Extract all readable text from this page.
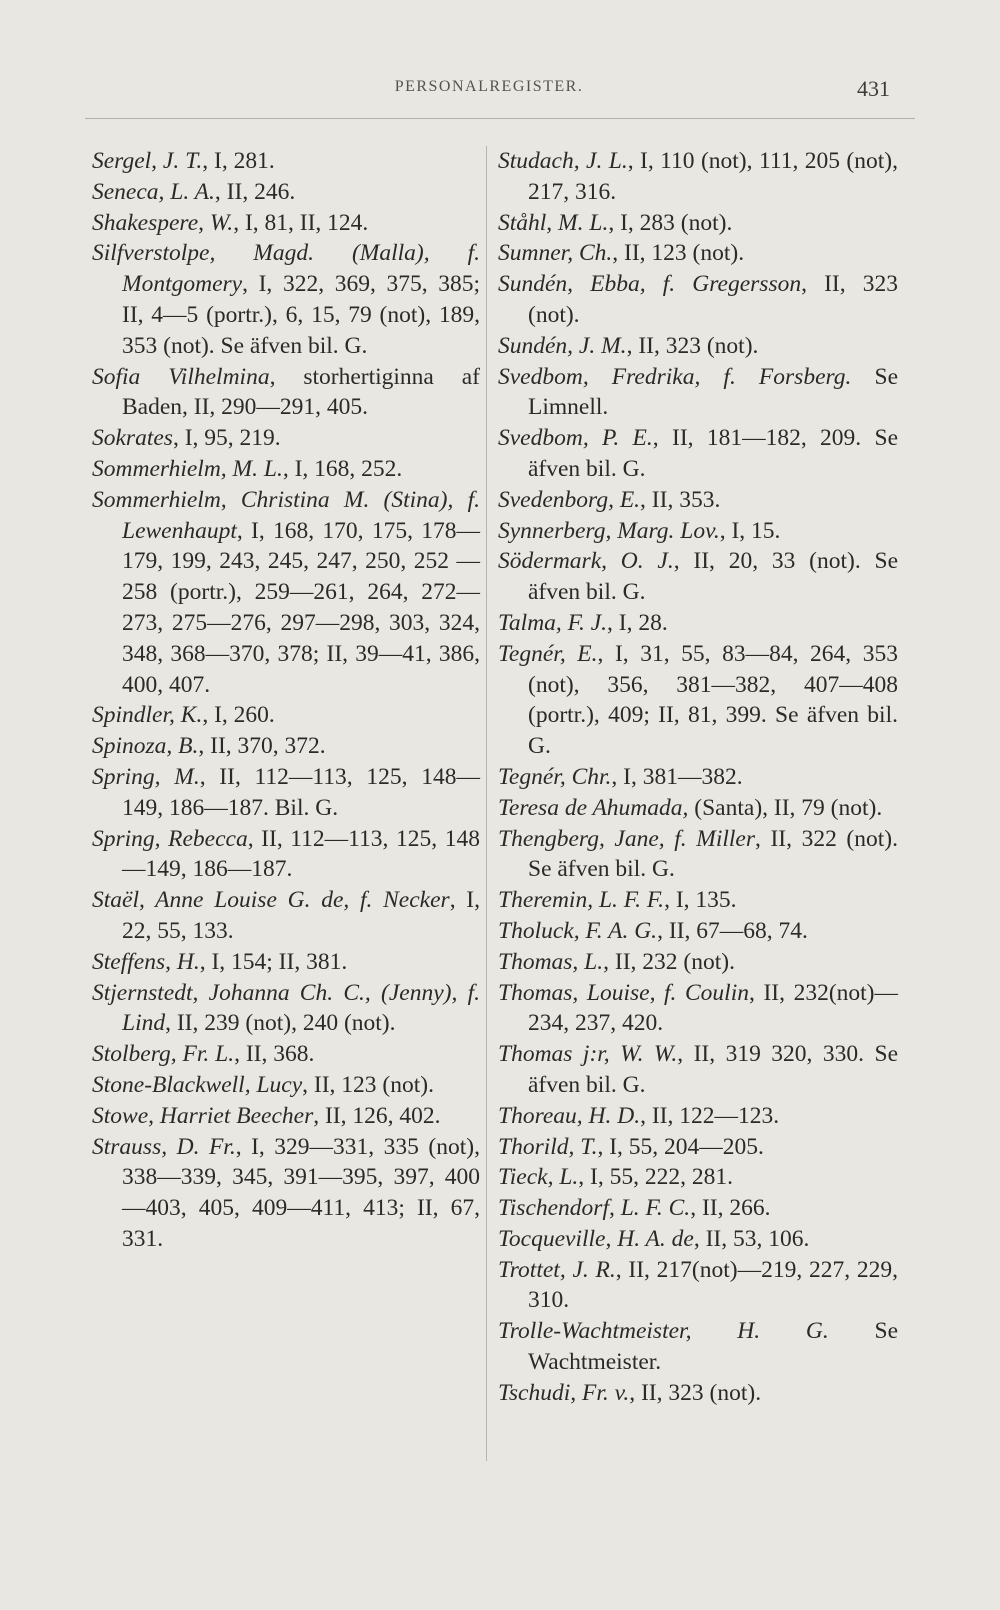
PERSONALREGISTER.	431
Sergel, J. T., I, 281.
Seneca, L. A., II, 246.
Shakespere, W., I, 81, II, 124.
Silfverstolpe, Magd. (Malla), f. Montgomery, I, 322, 369, 375, 385; II, 4—5 (portr.), 6, 15, 79 (not), 189, 353 (not). Se äfven bil. G.
Sofia Vilhelmina, storhertiginna af Baden, II, 290—291, 405.
Sokrates, I, 95, 219.
Sommerhielm, M. L., I, 168, 252.
Sommerhielm, Christina M. (Stina), f. Lewenhaupt, I, 168, 170, 175, 178—179, 199, 243, 245, 247, 250, 252 —258 (portr.), 259—261, 264, 272—273, 275—276, 297—298, 303, 324, 348, 368—370, 378; II, 39—41, 386, 400, 407.
Spindler, K., I, 260.
Spinoza, B., II, 370, 372.
Spring, M., II, 112—113, 125, 148—149, 186—187. Bil. G.
Spring, Rebecca, II, 112—113, 125, 148—149, 186—187.
Staël, Anne Louise G. de, f. Necker, I, 22, 55, 133.
Steffens, H., I, 154; II, 381.
Stjernstedt, Johanna Ch. C., (Jenny), f. Lind, II, 239 (not), 240 (not).
Stolberg, Fr. L., II, 368.
Stone-Blackwell, Lucy, II, 123 (not).
Stowe, Harriet Beecher, II, 126, 402.
Strauss, D. Fr., I, 329—331, 335 (not), 338—339, 345, 391—395, 397, 400—403, 405, 409—411, 413; II, 67, 331.
Studach, J. L., I, 110 (not), 111, 205 (not), 217, 316.
Ståhl, M. L., I, 283 (not).
Sumner, Ch., II, 123 (not).
Sundén, Ebba, f. Gregersson, II, 323 (not).
Sundén, J. M., II, 323 (not).
Svedbom, Fredrika, f. Forsberg. Se Limnell.
Svedbom, P. E., II, 181—182, 209. Se äfven bil. G.
Svedenborg, E., II, 353.
Synnerberg, Marg. Lov., I, 15.
Södermark, O. J., II, 20, 33 (not). Se äfven bil. G.
Talma, F. J., I, 28.
Tegnér, E., I, 31, 55, 83—84, 264, 353 (not), 356, 381—382, 407—408 (portr.), 409; II, 81, 399. Se äfven bil. G.
Tegnér, Chr., I, 381—382.
Teresa de Ahumada, (Santa), II, 79 (not).
Thengberg, Jane, f. Miller, II, 322 (not). Se äfven bil. G.
Theremin, L. F. F., I, 135.
Tholuck, F. A. G., II, 67—68, 74.
Thomas, L., II, 232 (not).
Thomas, Louise, f. Coulin, II, 232(not)—234, 237, 420.
Thomas j:r, W. W., II, 319 320, 330. Se äfven bil. G.
Thoreau, H. D., II, 122—123.
Thorild, T., I, 55, 204—205.
Tieck, L., I, 55, 222, 281.
Tischendorf, L. F. C., II, 266.
Tocqueville, H. A. de, II, 53, 106.
Trottet, J. R., II, 217(not)—219, 227, 229, 310.
Trolle-Wachtmeister, H. G. Se Wachtmeister.
Tschudi, Fr. v., II, 323 (not).
